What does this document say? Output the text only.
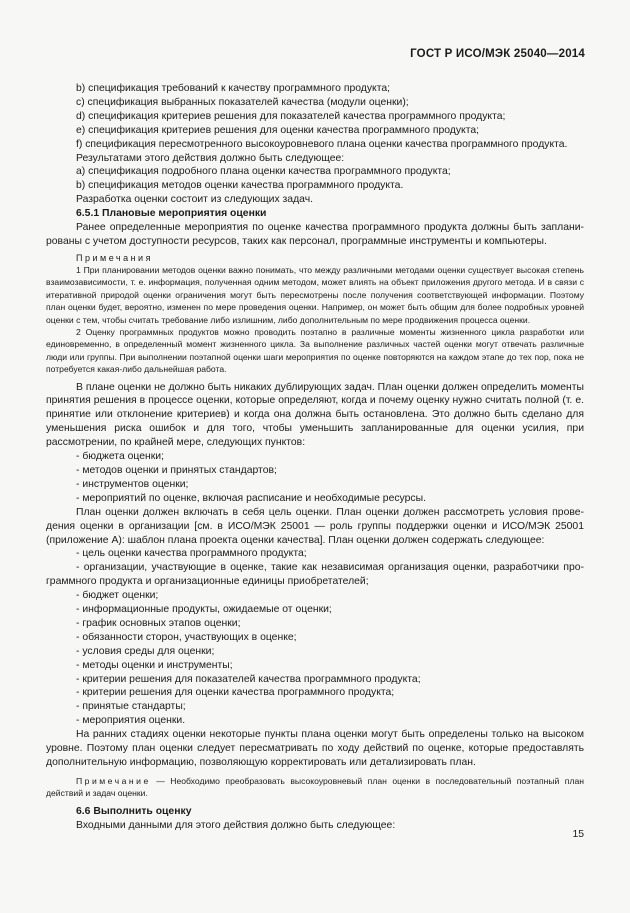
ГОСТ Р ИСО/МЭК 25040—2014

b) спецификация требований к качеству программного продукта;

c) спецификация выбранных показателей качества (модули оценки);

d) спецификация критериев решения для показателей качества программного продукта;

e) спецификация критериев решения для оценки качества программного продукта;

f) спецификация пересмотренного высокоуровневого плана оценки качества программного продукта.

Результатами этого действия должно быть следующее:

а) спецификация подробного плана оценки качества программного продукта;

b) спецификация методов оценки качества программного продукта.

Разработка оценки состоит из следующих задач.

6.5.1 Плановые мероприятия оценки

Ранее определенные мероприятия по оценке качества программного продукта должны быть запланированы с учетом доступности ресурсов, таких как персонал, программные инструменты и компьютеры.

Примечания

1 При планировании методов оценки важно понимать, что между различными методами оценки существует высокая степень взаимозависимости, т. е. информация, полученная одним методом, может влиять на объект приложения другого метода. И в связи с итеративной природой оценки ограничения могут быть пересмотрены после получения соответствующей информации. Поэтому план оценки будет, вероятно, изменен по мере проведения оценки. Например, он может быть общим для более подробных уровней оценки с тем, чтобы считать требование либо излишним, либо дополнительным по мере продвижения процесса оценки.

2 Оценку программных продуктов можно проводить поэтапно в различные моменты жизненного цикла разработки или единовременно, в определенный момент жизненного цикла. За выполнение различных частей оценки могут отвечать различные люди или группы. При выполнении поэтапной оценки шаги мероприятия по оценке повторяются на каждом этапе до тех пор, пока не потребуется какая-либо дальнейшая работа.

В плане оценки не должно быть никаких дублирующих задач. План оценки должен определить моменты принятия решения в процессе оценки, которые определяют, когда и почему оценку нужно считать полной (т. е. принятие или отклонение критериев) и когда она должна быть остановлена. Это должно быть сделано для уменьшения риска ошибок и для того, чтобы уменьшить запланированные для оценки усилия, при рассмотрении, по крайней мере, следующих пунктов:

- бюджета оценки;

- методов оценки и принятых стандартов;

- инструментов оценки;

- мероприятий по оценке, включая расписание и необходимые ресурсы.

План оценки должен включать в себя цель оценки. План оценки должен рассмотреть условия проведения оценки в организации [см. в ИСО/МЭК 25001 — роль группы поддержки оценки и ИСО/МЭК 25001 (приложение А): шаблон плана проекта оценки качества]. План оценки должен содержать следующее:

- цель оценки качества программного продукта;

- организации, участвующие в оценке, такие как независимая организация оценки, разработчики программного продукта и организационные единицы приобретателей;

- бюджет оценки;

- информационные продукты, ожидаемые от оценки;

- график основных этапов оценки;

- обязанности сторон, участвующих в оценке;

- условия среды для оценки;

- методы оценки и инструменты;

- критерии решения для показателей качества программного продукта;

- критерии решения для оценки качества программного продукта;

- принятые стандарты;

- мероприятия оценки.

На ранних стадиях оценки некоторые пункты плана оценки могут быть определены только на высоком уровне. Поэтому план оценки следует пересматривать по ходу действий по оценке, которые предоставлять дополнительную информацию, позволяющую корректировать или детализировать план.

Примечание — Необходимо преобразовать высокоуровневый план оценки в последовательный поэтапный план действий и задач оценки.

6.6 Выполнить оценку

Входными данными для этого действия должно быть следующее:

15
